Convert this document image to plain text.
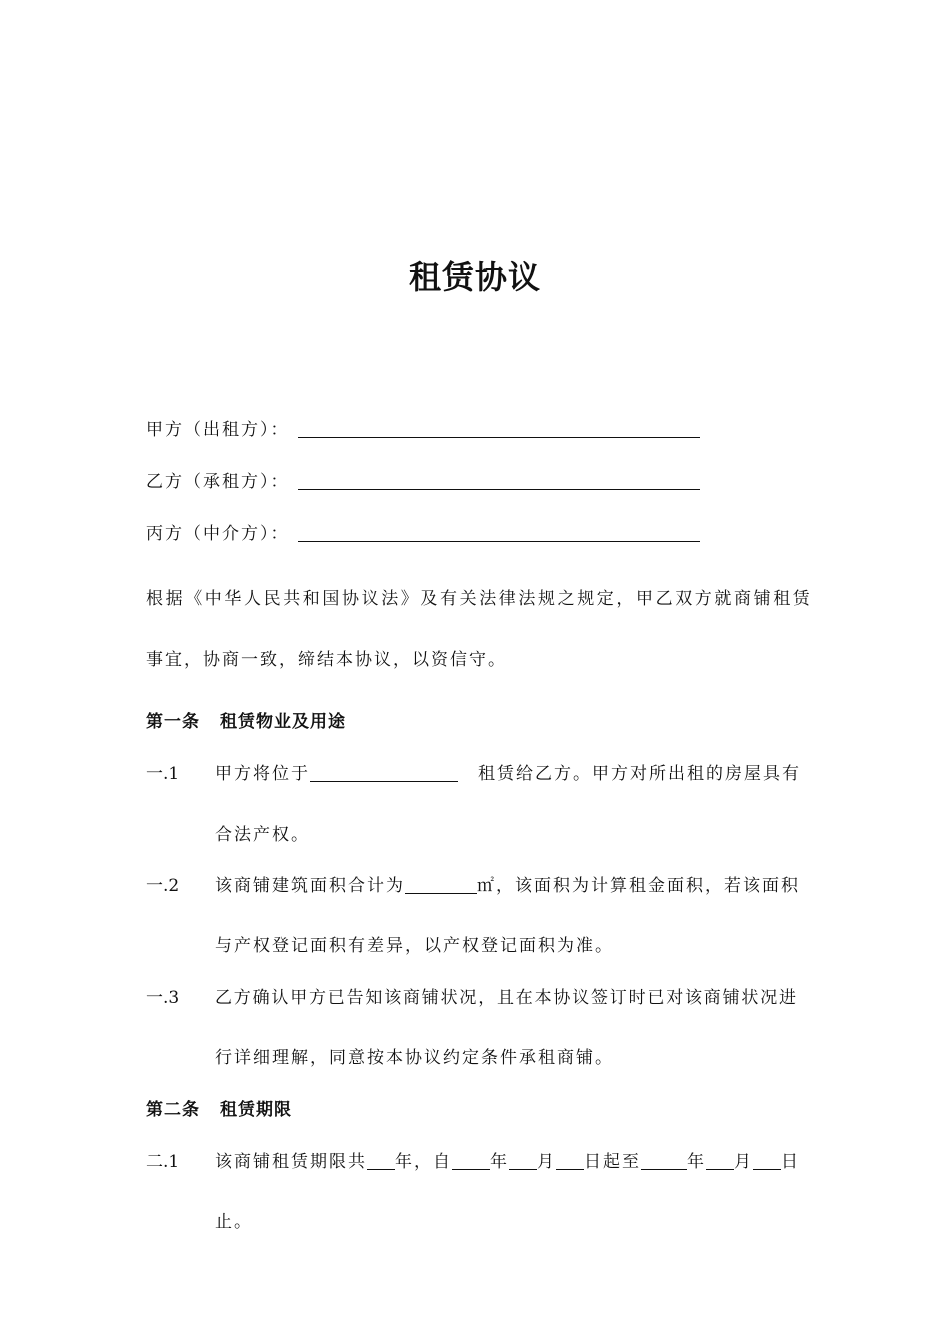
租赁协议
甲方（出租方）：
乙方（承租方）：
丙方（中介方）：
根据《中华人民共和国协议法》及有关法律法规之规定，甲乙双方就商铺租赁
事宜，协商一致，缔结本协议，以资信守。
第一条 租赁物业及用途
一.1 甲方将位于	租赁给乙方。甲方对所出租的房屋具有
合法产权。
一.2 该商铺建筑面积合计为	㎡，该面积为计算租金面积，若该面积
与产权登记面积有差异，以产权登记面积为准。
一.3 乙方确认甲方已告知该商铺状况，且在本协议签订时已对该商铺状况进
行详细理解，同意按本协议约定条件承租商铺。
第二条 租赁期限
二.1 该商铺租赁期限共 年，自 年 月 日起至	年 月 日
止。
